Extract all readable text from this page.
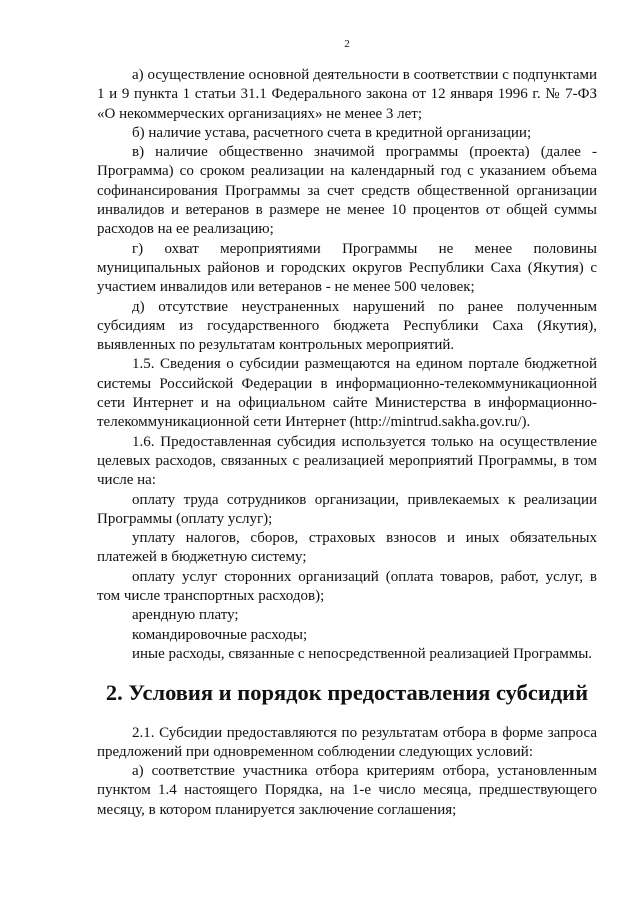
2

а) осуществление основной деятельности в соответствии с подпунктами 1 и 9 пункта 1 статьи 31.1 Федерального закона от 12 января 1996 г. № 7-ФЗ «О некоммерческих организациях» не менее 3 лет;

б) наличие устава, расчетного счета в кредитной организации;

в) наличие общественно значимой программы (проекта) (далее - Программа) со сроком реализации на календарный год с указанием объема софинансирования Программы за счет средств общественной организации инвалидов и ветеранов в размере не менее 10 процентов от общей суммы расходов на ее реализацию;

г) охват мероприятиями Программы не менее половины муниципальных районов и городских округов Республики Саха (Якутия) с участием инвалидов или ветеранов - не менее 500 человек;

д) отсутствие неустраненных нарушений по ранее полученным субсидиям из государственного бюджета Республики Саха (Якутия), выявленных по результатам контрольных мероприятий.

1.5. Сведения о субсидии размещаются на едином портале бюджетной системы Российской Федерации в информационно-телекоммуникационной сети Интернет и на официальном сайте Министерства в информационно-телекоммуникационной сети Интернет (http://mintrud.sakha.gov.ru/).

1.6. Предоставленная субсидия используется только на осуществление целевых расходов, связанных с реализацией мероприятий Программы, в том числе на:

оплату труда сотрудников организации, привлекаемых к реализации Программы (оплату услуг);

уплату налогов, сборов, страховых взносов и иных обязательных платежей в бюджетную систему;

оплату услуг сторонних организаций (оплата товаров, работ, услуг, в том числе транспортных расходов);

арендную плату;

командировочные расходы;

иные расходы, связанные с непосредственной реализацией Программы.

2. Условия и порядок предоставления субсидий

2.1. Субсидии предоставляются по результатам отбора в форме запроса предложений при одновременном соблюдении следующих условий:

а) соответствие участника отбора критериям отбора, установленным пунктом 1.4 настоящего Порядка, на 1-е число месяца, предшествующего месяцу, в котором планируется заключение соглашения;
